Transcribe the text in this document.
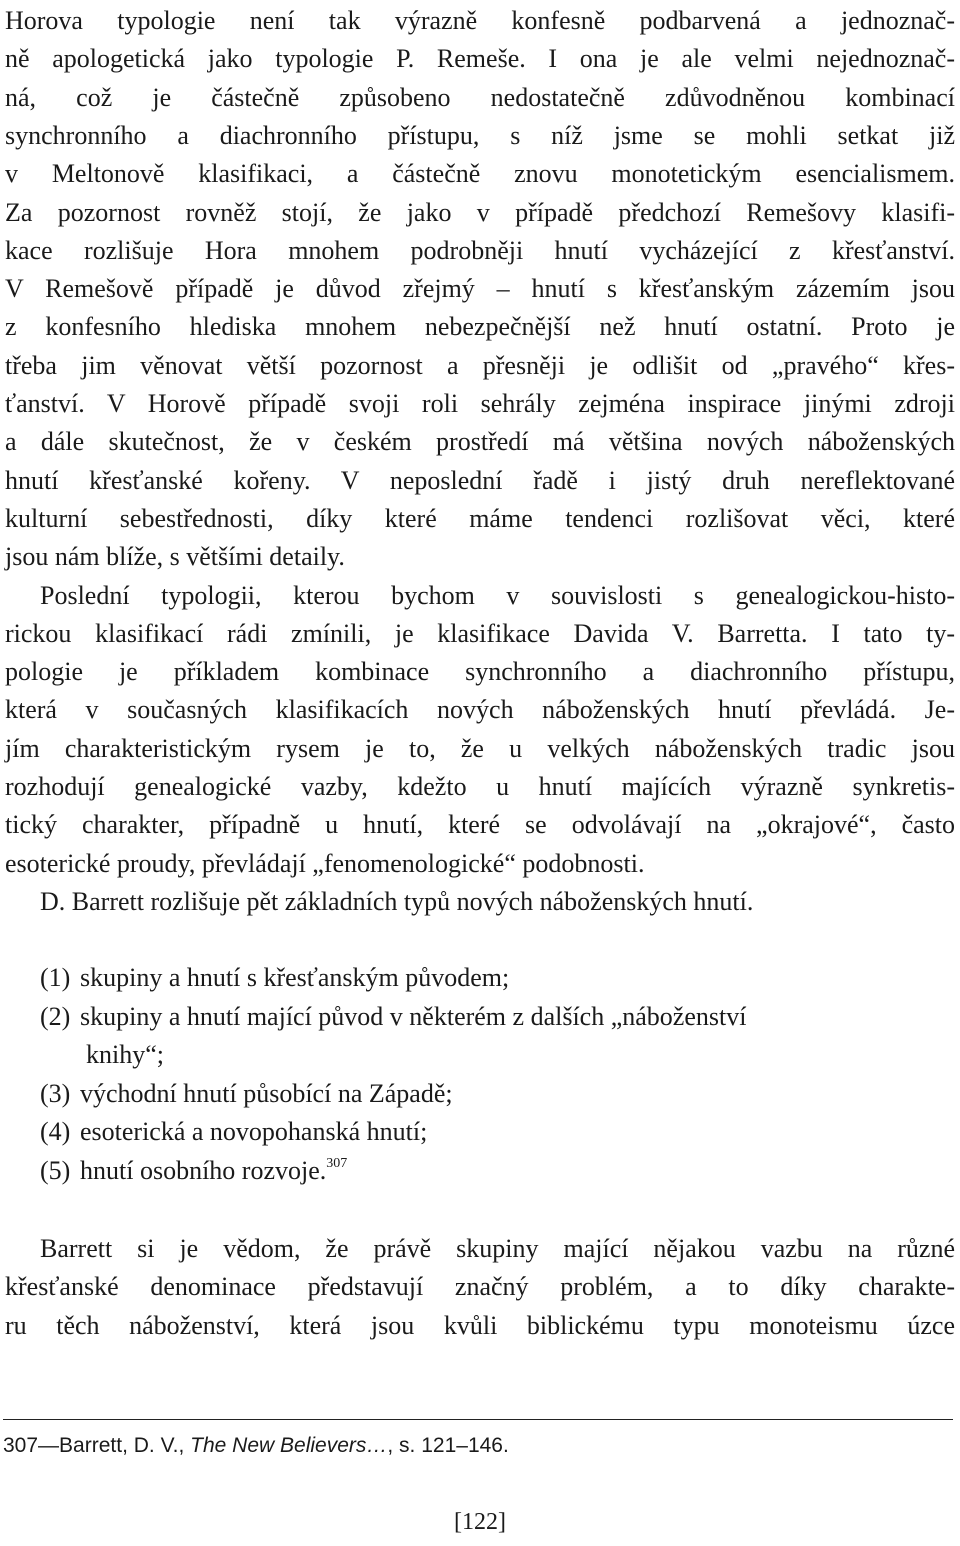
Horova typologie není tak výrazně konfesně podbarvená a jednoznač-
ně apologetická jako typologie P. Remeše. I ona je ale velmi nejednoznač-
ná, což je částečně způsobeno nedostatečně zdůvodněnou kombinací
synchronního a diachronního přístupu, s níž jsme se mohli setkat již
v Meltonově klasifikaci, a částečně znovu monotetickým esencialismem.
Za pozornost rovněž stojí, že jako v případě předchozí Remešovy klasifi-
kace rozlišuje Hora mnohem podrobněji hnutí vycházející z křesťanství.
V Remešově případě je důvod zřejmý – hnutí s křesťanským zázemím jsou
z konfesního hlediska mnohem nebezpečnější než hnutí ostatní. Proto je
třeba jim věnovat větší pozornost a přesněji je odlišit od „pravého“ křes-
ťanství. V Horově případě svoji roli sehrály zejména inspirace jinými zdroji
a dále skutečnost, že v českém prostředí má většina nových náboženských
hnutí křesťanské kořeny. V neposlední řadě i jistý druh nereflektované
kulturní sebestřednosti, díky které máme tendenci rozlišovat věci, které
jsou nám blíže, s většími detaily.
Poslední typologii, kterou bychom v souvislosti s genealogickou-histo-
rickou klasifikací rádi zmínili, je klasifikace Davida V. Barretta. I tato ty-
pologie je příkladem kombinace synchronního a diachronního přístupu,
která v současných klasifikacích nových náboženských hnutí převládá. Je-
jím charakteristickým rysem je to, že u velkých náboženských tradic jsou
rozhodují genealogické vazby, kdežto u hnutí majících výrazně synkretis-
tický charakter, případně u hnutí, které se odvolávají na „okrajové“, často
esoterické proudy, převládají „fenomenologické“ podobnosti.
D. Barrett rozlišuje pět základních typů nových náboženských hnutí.
(1)skupiny a hnutí s křesťanským původem;
(2)skupiny a hnutí mající původ v některém z dalších „náboženství
knihy“;
(3)východní hnutí působící na Západě;
(4)esoterická a novopohanská hnutí;
(5)hnutí osobního rozvoje.$^{307}$
Barrett si je vědom, že právě skupiny mající nějakou vazbu na různé
křesťanské denominace představují značný problém, a to díky charakte-
ru těch náboženství, která jsou kvůli biblickému typu monoteismu úzce
307—Barrett, D. V., The New Believers…, s. 121–146.
[122]
